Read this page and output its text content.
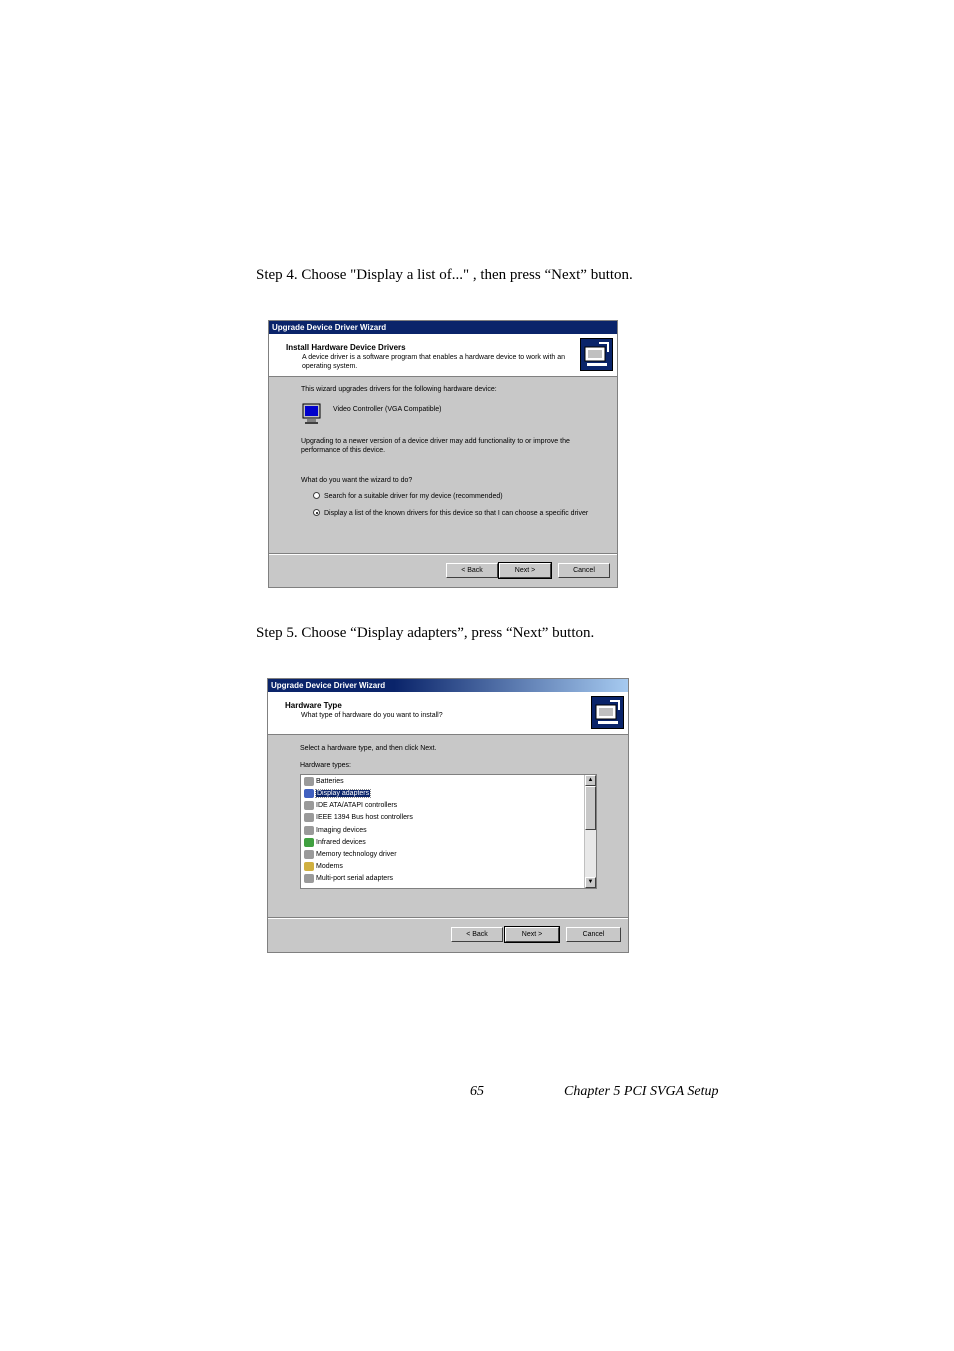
Step 4. Choose "Display a list of..." , then press “Next” button.
Upgrade Device Driver Wizard
Install Hardware Device Drivers
A device driver is a software program that enables a hardware device to work with an operating system.
This wizard upgrades drivers for the following hardware device:
Video Controller (VGA Compatible)
Upgrading to a newer version of a device driver may add functionality to or improve the performance of this device.
What do you want the wizard to do?
Search for a suitable driver for my device (recommended)
Display a list of the known drivers for this device so that I can choose a specific driver
< Back	Next >	Cancel
Step 5. Choose “Display adapters”, press “Next” button.
Upgrade Device Driver Wizard
Hardware Type
What type of hardware do you want to install?
Select a hardware type, and then click Next.
Hardware types:
Batteries
Display adapters
IDE ATA/ATAPI controllers
IEEE 1394 Bus host controllers
Imaging devices
Infrared devices
Memory technology driver
Modems
Multi-port serial adapters
▲
▼
< Back	Next >	Cancel
65	Chapter 5 PCI SVGA Setup
